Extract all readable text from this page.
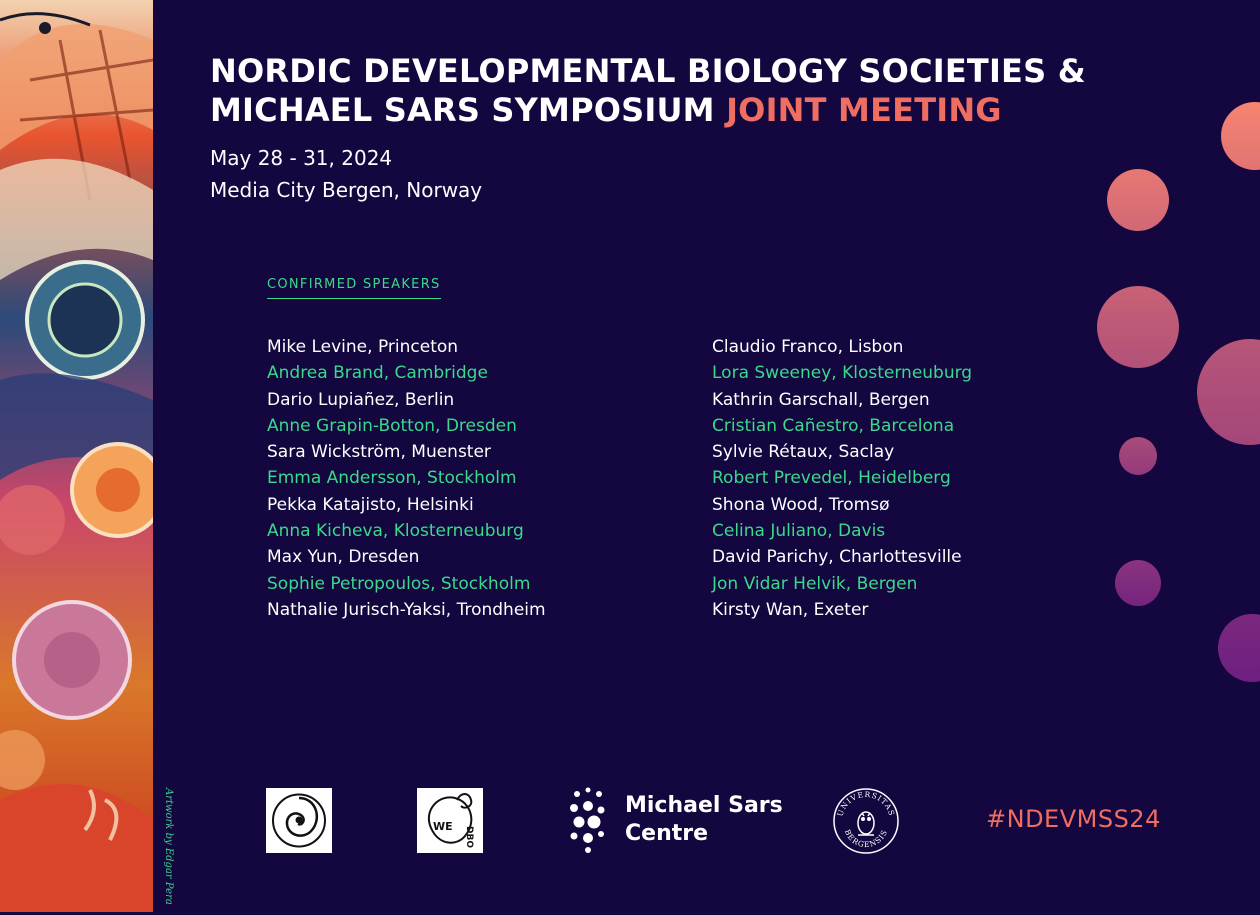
Artwork by Edgar Pera
NORDIC DEVELOPMENTAL BIOLOGY SOCIETIES &
MICHAEL SARS SYMPOSIUM JOINT MEETING

May 28 - 31, 2024

Media City Bergen, Norway

CONFIRMED SPEAKERS
Mike Levine, Princeton
Andrea Brand, Cambridge
Dario Lupiañez, Berlin
Anne Grapin-Botton, Dresden
Sara Wickström, Muenster
Emma Andersson, Stockholm
Pekka Katajisto, Helsinki
Anna Kicheva, Klosterneuburg
Max Yun, Dresden
Sophie Petropoulos, Stockholm
Nathalie Jurisch-Yaksi, Trondheim
Claudio Franco, Lisbon
Lora Sweeney, Klosterneuburg
Kathrin Garschall, Bergen
Cristian Cañestro, Barcelona
Sylvie Rétaux, Saclay
Robert Prevedel, Heidelberg
Shona Wood, Tromsø
Celina Juliano, Davis
David Parichy, Charlottesville
Jon Vidar Helvik, Bergen
Kirsty Wan, Exeter
WE DBO
Michael Sars
Centre
UNIVERSITAS
BERGENSIS	#NDEVMSS24
